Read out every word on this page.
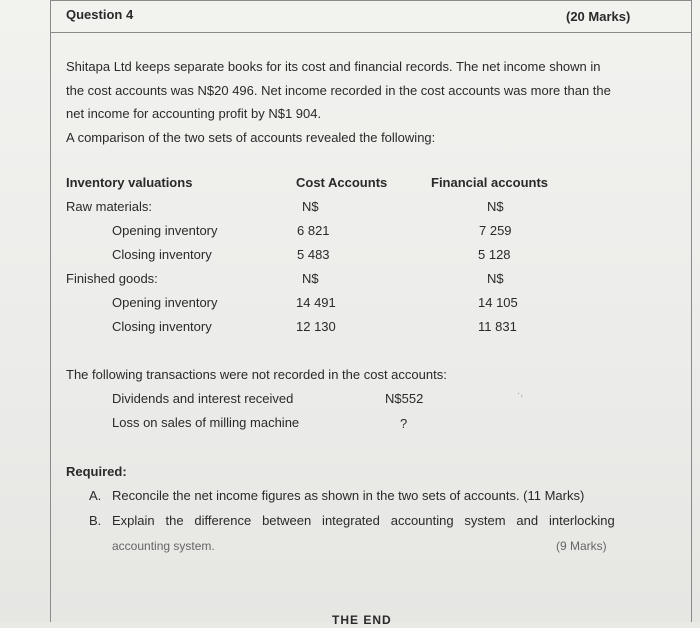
Question 4	(20 Marks)
Shitapa Ltd keeps separate books for its cost and financial records. The net income shown in
the cost accounts was N$20 496. Net income recorded in the cost accounts was more than the
net income for accounting profit by N$1 904.
A comparison of the two sets of accounts revealed the following:
Inventory valuations	Cost Accounts	Financial accounts
Raw materials:	N$	N$
Opening inventory	6 821	7 259
Closing inventory	5 483	5 128
Finished goods:	N$	N$
Opening inventory	14 491	14 105
Closing inventory	12 130	11 831
The following transactions were not recorded in the cost accounts:
Dividends and interest received	N$552
Loss on sales of milling machine	?
·,
Required:
A. Reconcile the net income figures as shown in the two sets of accounts. (11 Marks)
B. Explain   the   difference   between   integrated   accounting   system   and   interlocking
accounting system.	(9 Marks)
THE END
